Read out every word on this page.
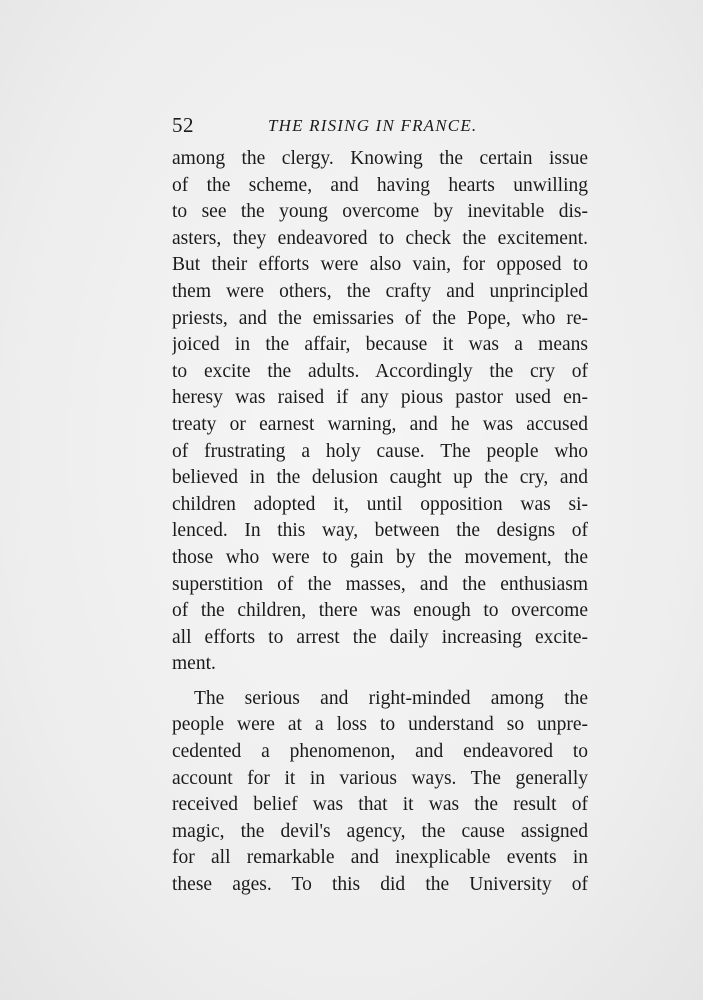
52	THE RISING IN FRANCE.
among the clergy. Knowing the certain issue
of the scheme, and having hearts unwilling
to see the young overcome by inevitable dis-
asters, they endeavored to check the excitement.
But their efforts were also vain, for opposed to
them were others, the crafty and unprincipled
priests, and the emissaries of the Pope, who re-
joiced in the affair, because it was a means
to excite the adults. Accordingly the cry of
heresy was raised if any pious pastor used en-
treaty or earnest warning, and he was accused
of frustrating a holy cause. The people who
believed in the delusion caught up the cry, and
children adopted it, until opposition was si-
lenced. In this way, between the designs of
those who were to gain by the movement, the
superstition of the masses, and the enthusiasm
of the children, there was enough to overcome
all efforts to arrest the daily increasing excite-
ment.
The serious and right-minded among the
people were at a loss to understand so unpre-
cedented a phenomenon, and endeavored to
account for it in various ways. The generally
received belief was that it was the result of
magic, the devil's agency, the cause assigned
for all remarkable and inexplicable events in
these ages. To this did the University of
